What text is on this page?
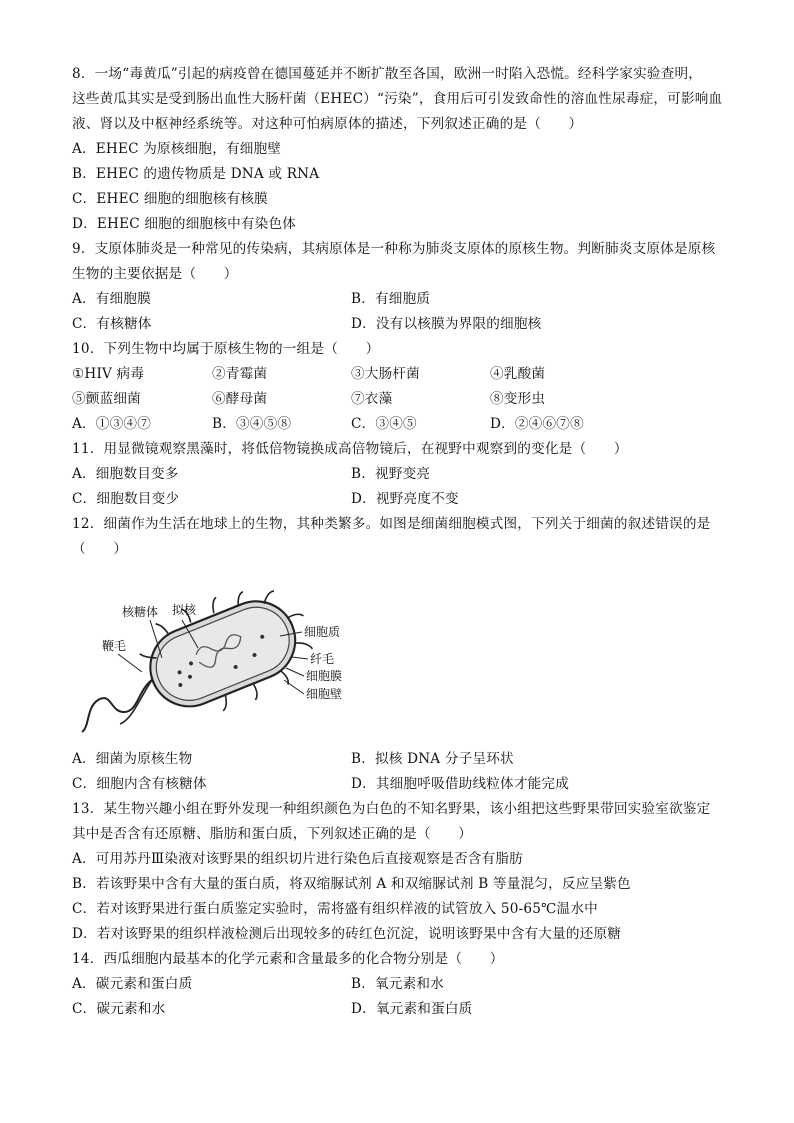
8．一场“毒黄瓜”引起的病疫曾在德国蔓延并不断扩散至各国，欧洲一时陷入恐慌。经科学家实验查明，
这些黄瓜其实是受到肠出血性大肠杆菌（EHEC）“污染”，食用后可引发致命性的溶血性尿毒症，可影响血
液、肾以及中枢神经系统等。对这种可怕病原体的描述，下列叙述正确的是（　　）
A．EHEC 为原核细胞，有细胞壁
B．EHEC 的遗传物质是 DNA 或 RNA
C．EHEC 细胞的细胞核有核膜
D．EHEC 细胞的细胞核中有染色体
9．支原体肺炎是一种常见的传染病，其病原体是一种称为肺炎支原体的原核生物。判断肺炎支原体是原核
生物的主要依据是（　　）
A．有细胞膜	B．有细胞质
C．有核糖体	D．没有以核膜为界限的细胞核
10．下列生物中均属于原核生物的一组是（　　）
①HIV 病毒	②青霉菌	③大肠杆菌	④乳酸菌
⑤颤蓝细菌	⑥酵母菌	⑦衣藻	⑧变形虫
A．①③④⑦	B．③④⑤⑧	C．③④⑤	D．②④⑥⑦⑧
11．用显微镜观察黑藻时，将低倍物镜换成高倍物镜后，在视野中观察到的变化是（　　）
A．细胞数目变多	B．视野变亮
C．细胞数目变少	D．视野亮度不变
12．细菌作为生活在地球上的生物，其种类繁多。如图是细菌细胞模式图，下列关于细菌的叙述错误的是
（　　）
核糖体 拟核
鞭毛
细胞质
纤毛
细胞膜
细胞壁
A．细菌为原核生物	B．拟核 DNA 分子呈环状
C．细胞内含有核糖体	D．其细胞呼吸借助线粒体才能完成
13．某生物兴趣小组在野外发现一种组织颜色为白色的不知名野果，该小组把这些野果带回实验室欲鉴定
其中是否含有还原糖、脂肪和蛋白质，下列叙述正确的是（　　）
A．可用苏丹Ⅲ染液对该野果的组织切片进行染色后直接观察是否含有脂肪
B．若该野果中含有大量的蛋白质，将双缩脲试剂 A 和双缩脲试剂 B 等量混匀，反应呈紫色
C．若对该野果进行蛋白质鉴定实验时，需将盛有组织样液的试管放入 50-65℃温水中
D．若对该野果的组织样液检测后出现较多的砖红色沉淀，说明该野果中含有大量的还原糖
14．西瓜细胞内最基本的化学元素和含量最多的化合物分别是（　　）
A．碳元素和蛋白质	B．氧元素和水
C．碳元素和水	D．氧元素和蛋白质
